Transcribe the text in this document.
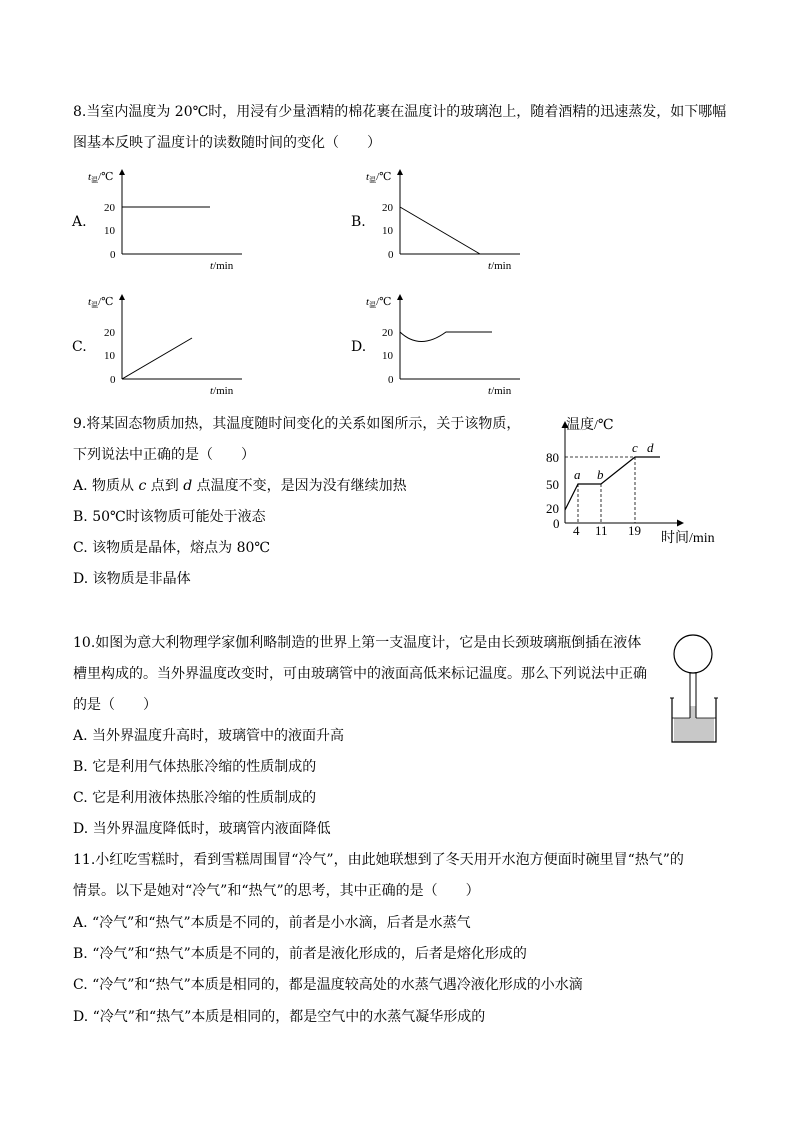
8.当室内温度为 20℃时，用浸有少量酒精的棉花裹在温度计的玻璃泡上，随着酒精的迅速蒸发，如下哪幅
图基本反映了温度计的读数随时间的变化（　　）
A.
t温/℃
20
10
0
t/min
B.
t温/℃
20
10
0
t/min
C.
t温/℃
20
10
0
t/min
D.
t温/℃
20
10
0
t/min
9.将某固态物质加热，其温度随时间变化的关系如图所示，关于该物质，
下列说法中正确的是（　　）
A. 物质从 c 点到 d 点温度不变，是因为没有继续加热
B. 50℃时该物质可能处于液态
C. 该物质是晶体，熔点为 80℃
D. 该物质是非晶体
温度/℃
时间/min
80
50
20
0 4 11 19
a b
c d
10.如图为意大利物理学家伽利略制造的世界上第一支温度计，它是由长颈玻璃瓶倒插在液体
槽里构成的。当外界温度改变时，可由玻璃管中的液面高低来标记温度。那么下列说法中正确
的是（　　）
A. 当外界温度升高时，玻璃管中的液面升高
B. 它是利用气体热胀冷缩的性质制成的
C. 它是利用液体热胀冷缩的性质制成的
D. 当外界温度降低时，玻璃管内液面降低
11.小红吃雪糕时，看到雪糕周围冒“冷气”，由此她联想到了冬天用开水泡方便面时碗里冒“热气”的
情景。以下是她对“冷气”和“热气”的思考，其中正确的是（　　）
A. “冷气”和“热气”本质是不同的，前者是小水滴，后者是水蒸气
B. “冷气”和“热气”本质是不同的，前者是液化形成的，后者是熔化形成的
C. “冷气”和“热气”本质是相同的，都是温度较高处的水蒸气遇冷液化形成的小水滴
D. “冷气”和“热气”本质是相同的，都是空气中的水蒸气凝华形成的
